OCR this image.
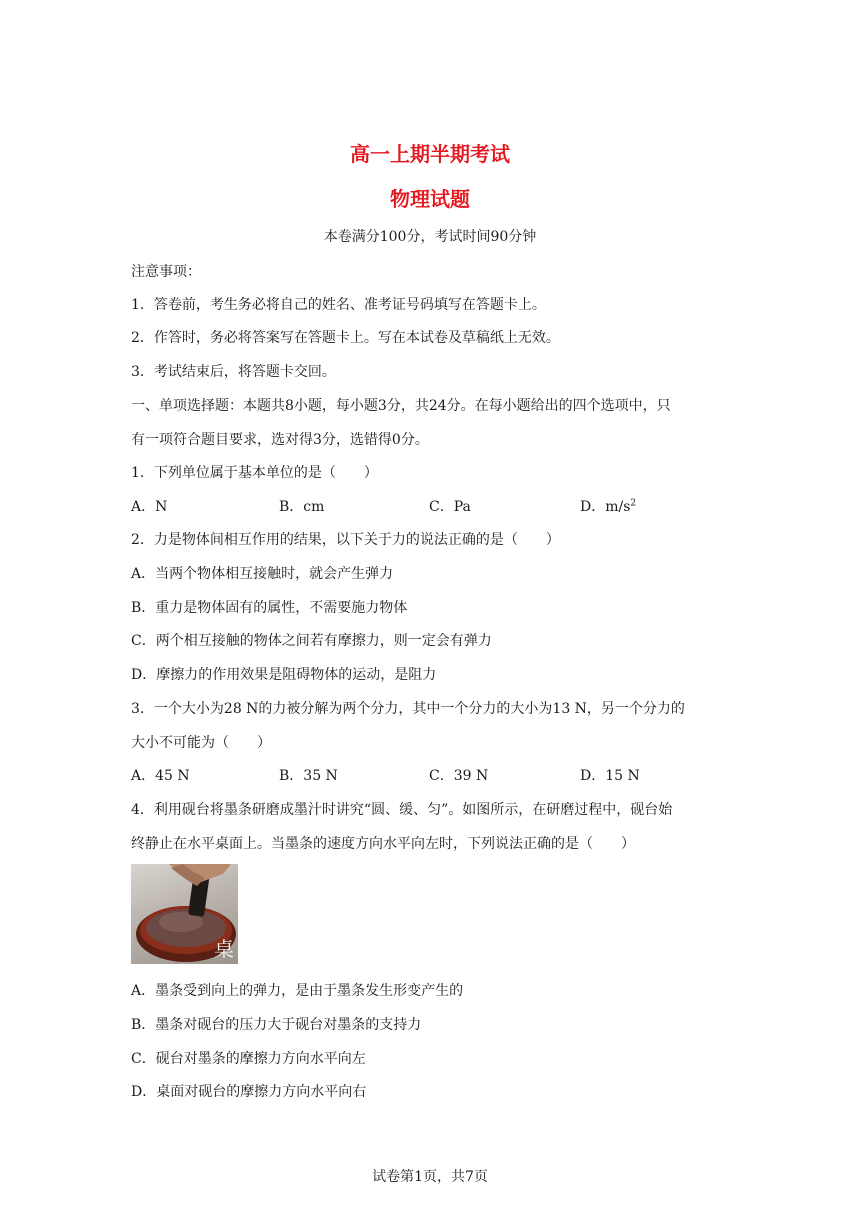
高一上期半期考试
物理试题
本卷满分100分，考试时间90分钟
注意事项：
1．答卷前，考生务必将自己的姓名、准考证号码填写在答题卡上。
2．作答时，务必将答案写在答题卡上。写在本试卷及草稿纸上无效。
3．考试结束后，将答题卡交回。
一、单项选择题：本题共8小题，每小题3分，共24分。在每小题给出的四个选项中，只
有一项符合题目要求，选对得3分，选错得0分。
1．下列单位属于基本单位的是（　　）
A．N	B．cm	C．Pa	D．$m/s^2$
2．力是物体间相互作用的结果，以下关于力的说法正确的是（　　）
A．当两个物体相互接触时，就会产生弹力
B．重力是物体固有的属性，不需要施力物体
C．两个相互接触的物体之间若有摩擦力，则一定会有弹力
D．摩擦力的作用效果是阻碍物体的运动，是阻力
3．一个大小为28 N的力被分解为两个分力，其中一个分力的大小为13 N，另一个分力的
大小不可能为（　　）
A．45 N	B．35 N	C．39 N	D．15 N
4．利用砚台将墨条研磨成墨汁时讲究“圆、缓、匀”。如图所示，在研磨过程中，砚台始
终静止在水平桌面上。当墨条的速度方向水平向左时，下列说法正确的是（　　）
桌
A．墨条受到向上的弹力，是由于墨条发生形变产生的
B．墨条对砚台的压力大于砚台对墨条的支持力
C．砚台对墨条的摩擦力方向水平向左
D．桌面对砚台的摩擦力方向水平向右
试卷第1页，共7页
